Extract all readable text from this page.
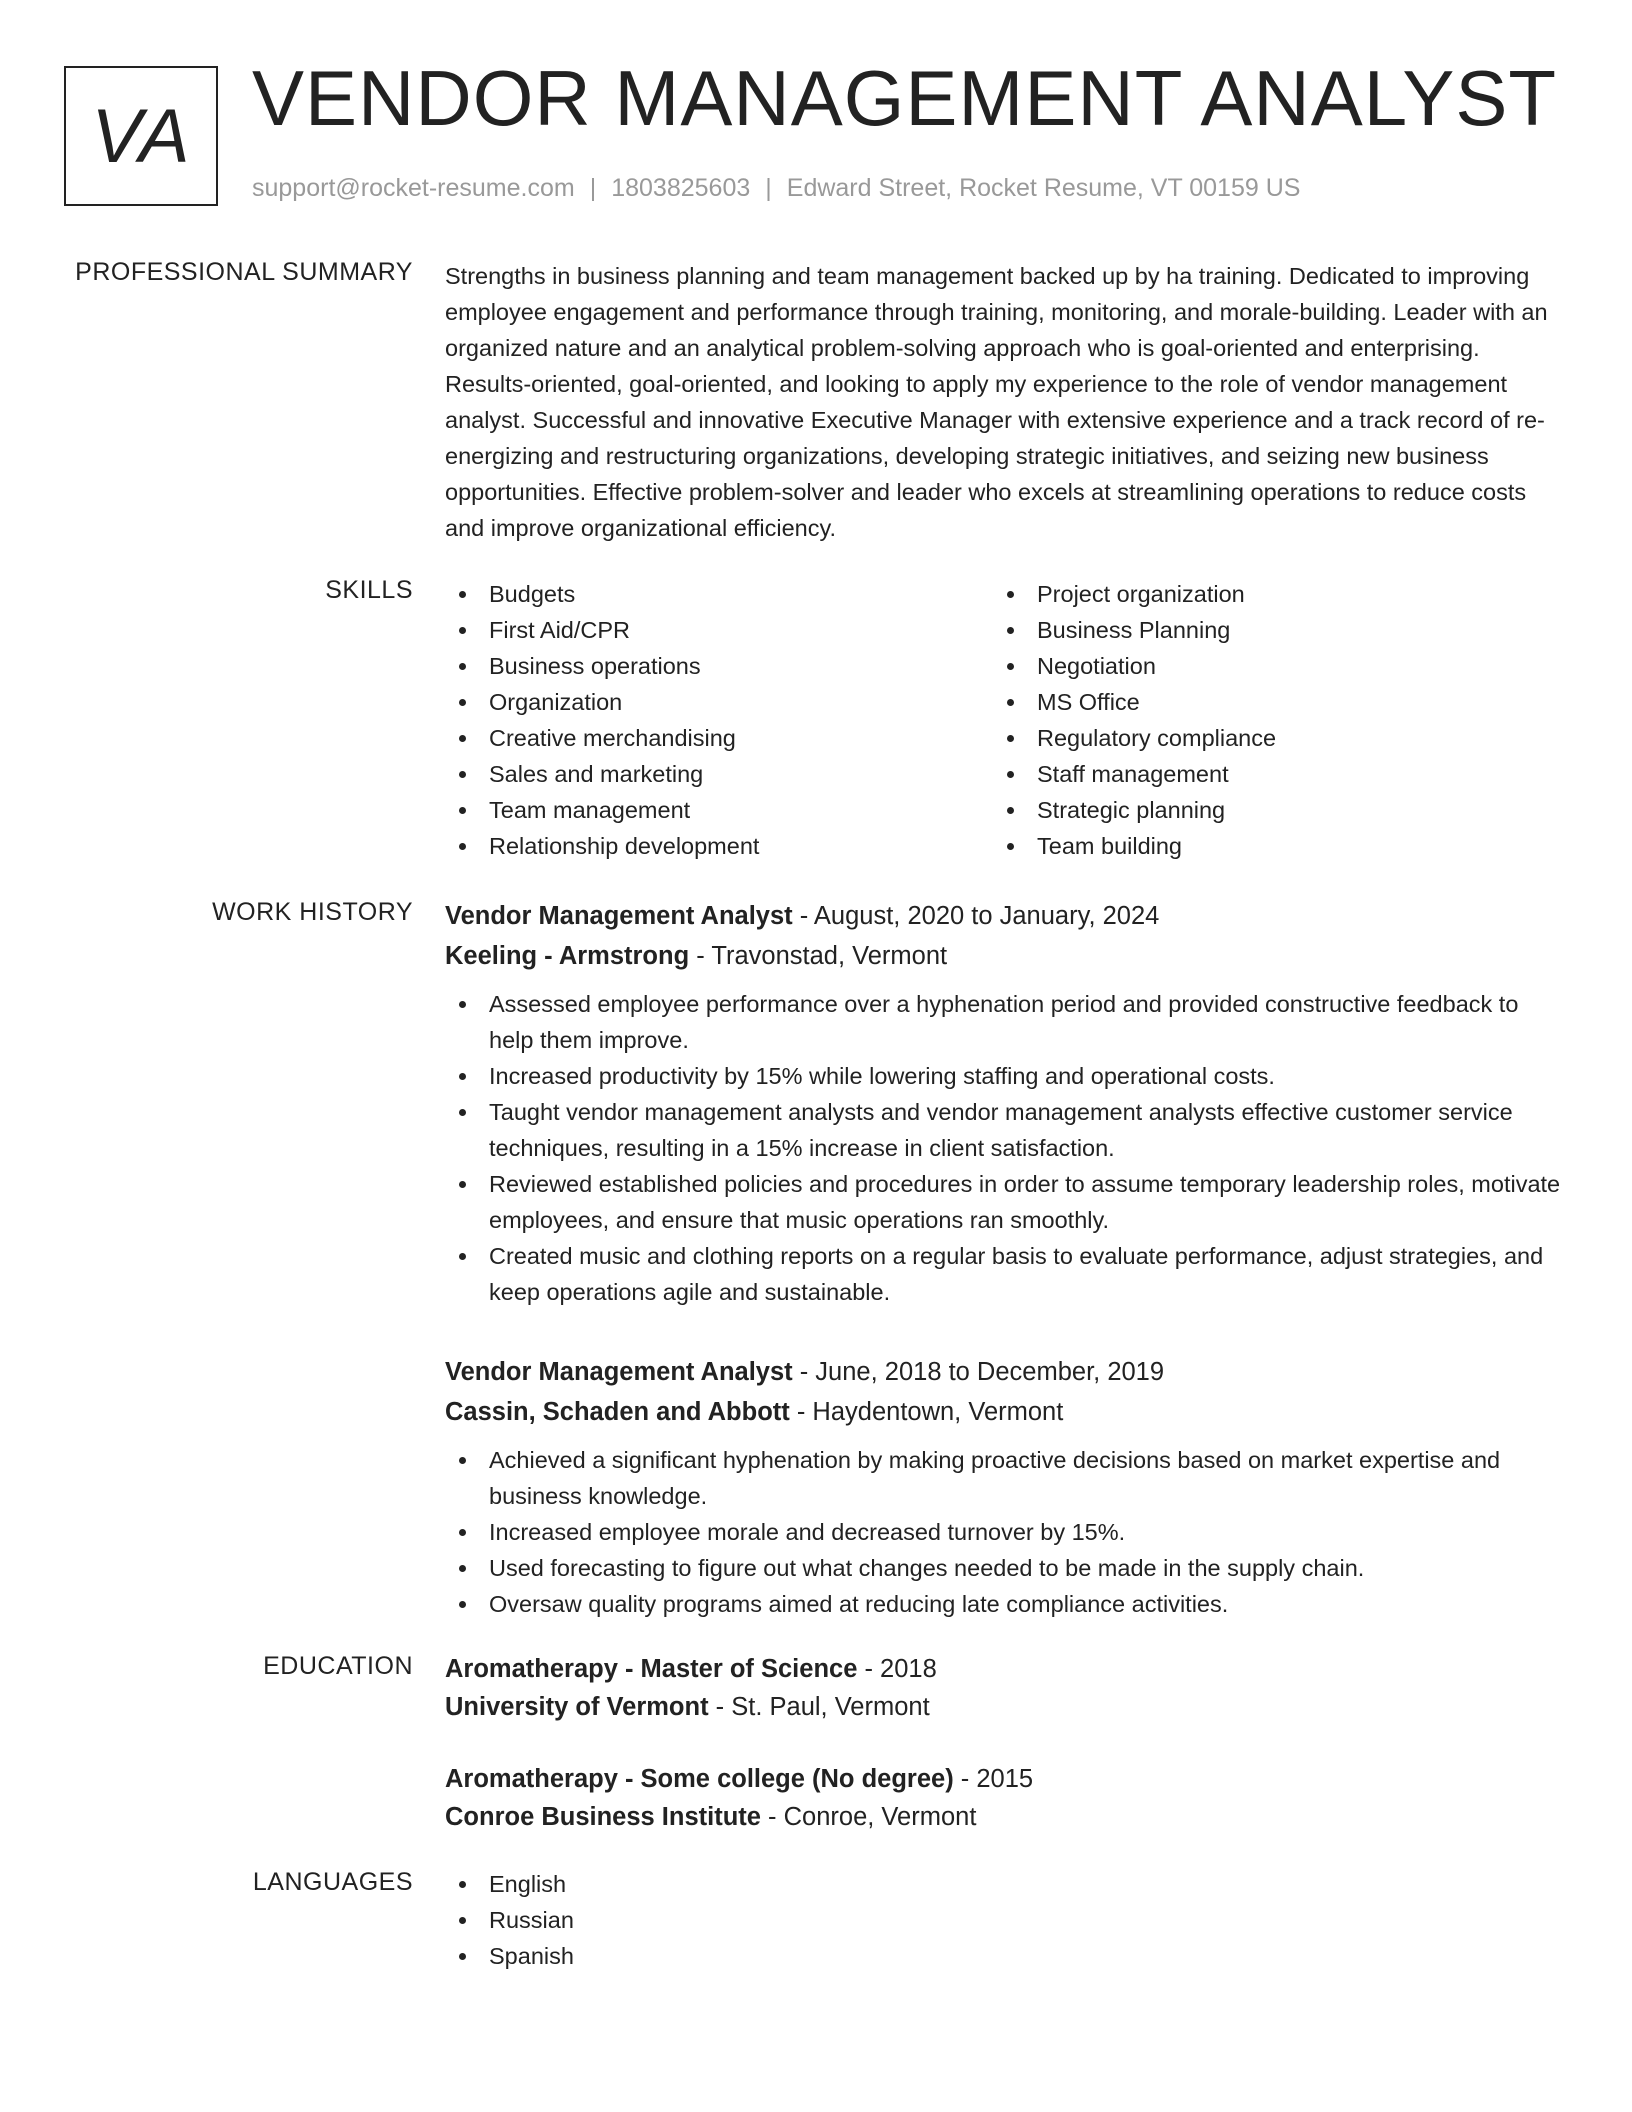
VA VENDOR MANAGEMENT ANALYST
support@rocket-resume.com | 1803825603 | Edward Street, Rocket Resume, VT 00159 US
PROFESSIONAL SUMMARY Strengths in business planning and team management backed up by ha training. Dedicated to improving employee engagement and performance through training, monitoring, and morale-building. Leader with an organized nature and an analytical problem-solving approach who is goal-oriented and enterprising. Results-oriented, goal-oriented, and looking to apply my experience to the role of vendor management analyst. Successful and innovative Executive Manager with extensive experience and a track record of re-energizing and restructuring organizations, developing strategic initiatives, and seizing new business opportunities. Effective problem-solver and leader who excels at streamlining operations to reduce costs and improve organizational efficiency.

SKILLS	Budgets
First Aid/CPR
Business operations
Organization
Creative merchandising
Sales and marketing
Team management
Relationship development
Project organization
Business Planning
Negotiation
MS Office
Regulatory compliance
Staff management
Strategic planning
Team building
WORK HISTORY Vendor Management Analyst - August, 2020 to January, 2024
Keeling - Armstrong - Travonstad, Vermont
Assessed employee performance over a hyphenation period and provided constructive feedback to help them improve.
Increased productivity by 15% while lowering staffing and operational costs.
Taught vendor management analysts and vendor management analysts effective customer service techniques, resulting in a 15% increase in client satisfaction.
Reviewed established policies and procedures in order to assume temporary leadership roles, motivate employees, and ensure that music operations ran smoothly.
Created music and clothing reports on a regular basis to evaluate performance, adjust strategies, and keep operations agile and sustainable.
Vendor Management Analyst - June, 2018 to December, 2019
Cassin, Schaden and Abbott - Haydentown, Vermont
Achieved a significant hyphenation by making proactive decisions based on market expertise and business knowledge.
Increased employee morale and decreased turnover by 15%.
Used forecasting to figure out what changes needed to be made in the supply chain.
Oversaw quality programs aimed at reducing late compliance activities.
EDUCATION Aromatherapy - Master of Science - 2018
University of Vermont - St. Paul, Vermont
Aromatherapy - Some college (No degree) - 2015
Conroe Business Institute - Conroe, Vermont
LANGUAGES	English
Russian
Spanish
